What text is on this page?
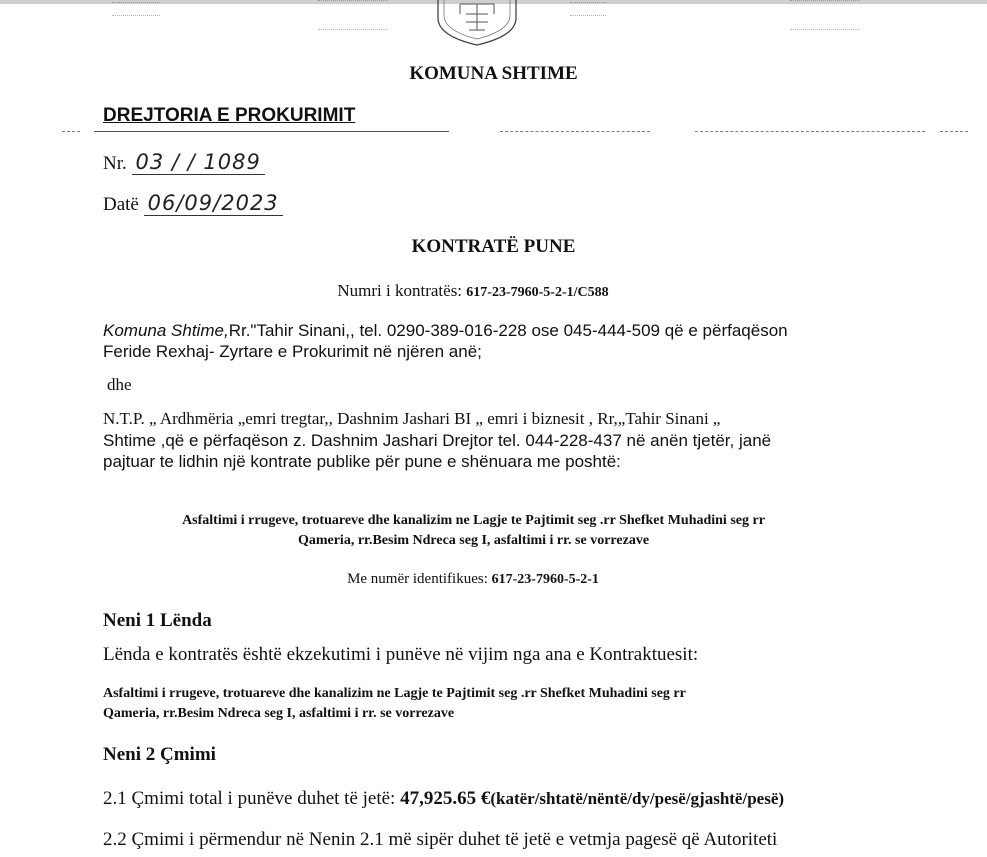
KOMUNA SHTIME
DREJTORIA E PROKURIMIT
Nr. 03 / / 1089
Datë 06/09/2023
KONTRATË PUNE
Numri i kontratës: 617-23-7960-5-2-1/C588
Komuna Shtime,Rr."Tahir Sinani,, tel. 0290-389-016-228 ose 045-444-509 që e përfaqëson
Feride Rexhaj- Zyrtare e Prokurimit në njëren anë;
dhe
N.T.P. „ Ardhmëria „emri tregtar,, Dashnim Jashari BI „ emri i biznesit , Rr,„Tahir Sinani „
Shtime ,që e përfaqëson z. Dashnim Jashari Drejtor tel. 044-228-437 në anën tjetër, janë
pajtuar te lidhin një kontrate publike për pune e shënuara me poshtë:
Asfaltimi i rrugeve, trotuareve dhe kanalizim ne Lagje te Pajtimit seg .rr Shefket Muhadini seg rr
Qameria, rr.Besim Ndreca seg I, asfaltimi i rr. se vorrezave
Me numër identifikues: 617-23-7960-5-2-1
Neni 1 Lënda
Lënda e kontratës është ekzekutimi i punëve në vijim nga ana e Kontraktuesit:
Asfaltimi i rrugeve, trotuareve dhe kanalizim ne Lagje te Pajtimit seg .rr Shefket Muhadini seg rr
Qameria, rr.Besim Ndreca seg I, asfaltimi i rr. se vorrezave
Neni 2 Çmimi
2.1 Çmimi total i punëve duhet të jetë: 47,925.65 €(katër/shtatë/nëntë/dy/pesë/gjashtë/pesë)
2.2 Çmimi i përmendur në Nenin 2.1 më sipër duhet të jetë e vetmja pagesë që Autoriteti
